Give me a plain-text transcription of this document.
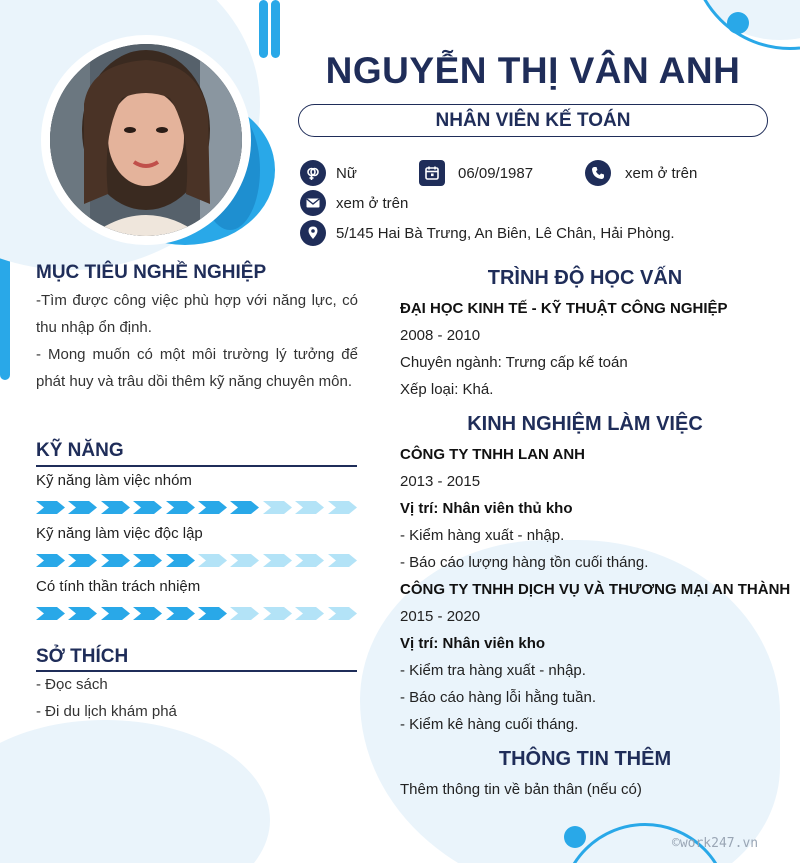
NGUYỄN THỊ VÂN ANH
NHÂN VIÊN KẾ TOÁN
Nữ	06/09/1987	xem ở trên
xem ở trên
5/145 Hai Bà Trưng, An Biên, Lê Chân, Hải Phòng.
MỤC TIÊU NGHỀ NGHIỆP
-Tìm được công việc phù hợp với năng lực, có thu nhập ổn định.
- Mong muốn có một môi trường lý tưởng để phát huy và trâu dồi thêm kỹ năng chuyên môn.
KỸ NĂNG
Kỹ năng làm việc nhóm
Kỹ năng làm việc độc lập
Có tính thần trách nhiệm
SỞ THÍCH
- Đọc sách
- Đi du lịch khám phá
TRÌNH ĐỘ HỌC VẤN
ĐẠI HỌC KINH TẾ - KỸ THUẬT CÔNG NGHIỆP
2008 - 2010
Chuyên ngành: Trưng cấp kế toán
Xếp loại: Khá.
KINH NGHIỆM LÀM VIỆC
CÔNG TY TNHH LAN ANH
2013 - 2015
Vị trí: Nhân viên thủ kho
- Kiểm hàng xuất - nhập.
- Báo cáo lượng hàng tồn cuối tháng.
CÔNG TY TNHH DỊCH VỤ VÀ THƯƠNG MẠI AN THÀNH
2015 - 2020
Vị trí: Nhân viên kho
- Kiểm tra hàng xuất - nhập.
- Báo cáo hàng lỗi hằng tuần.
- Kiểm kê hàng cuối tháng.
THÔNG TIN THÊM
Thêm thông tin về bản thân (nếu có)
©work247.vn
